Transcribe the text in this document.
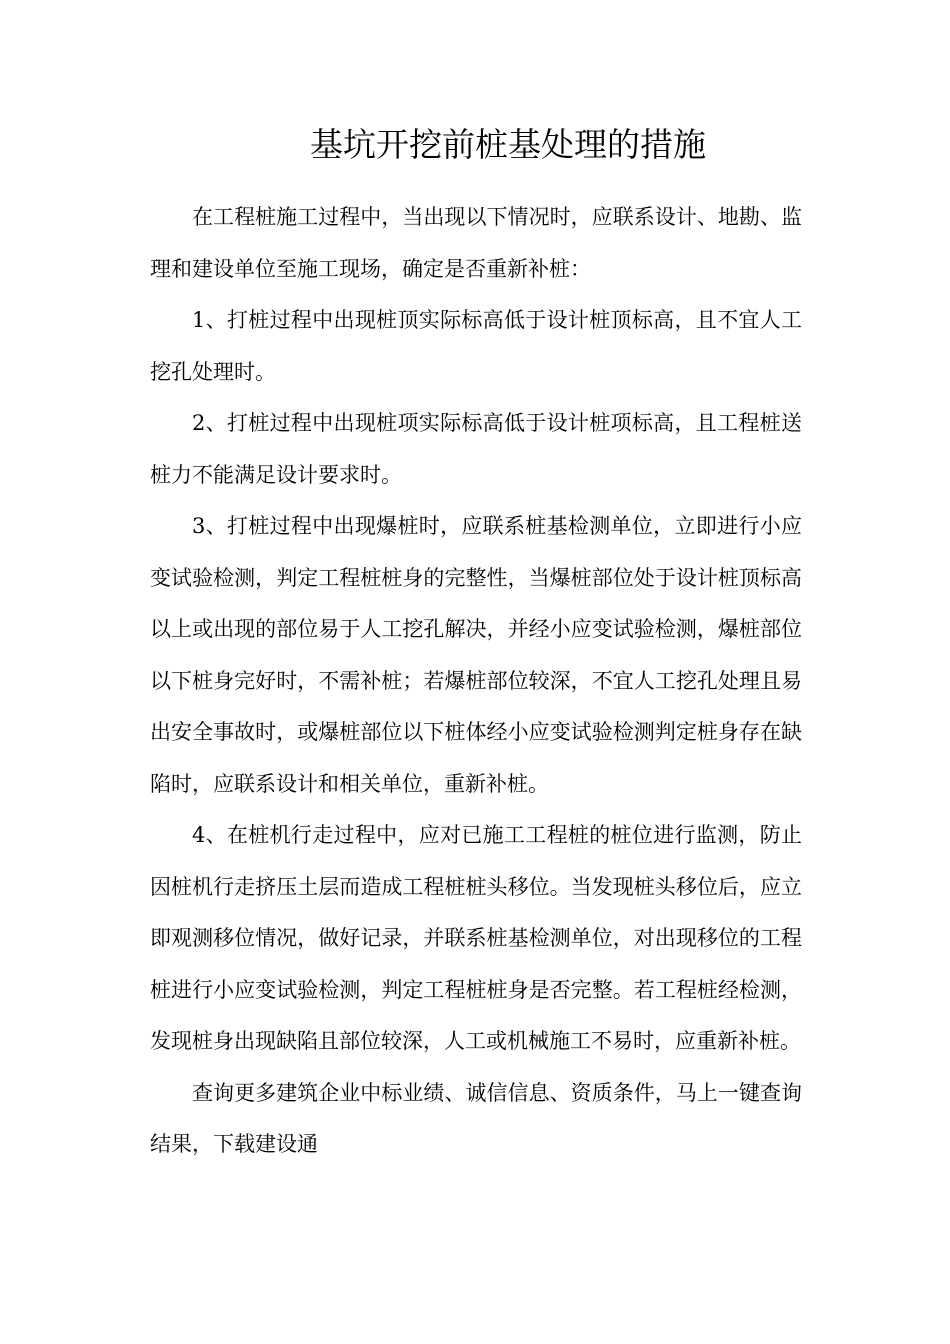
基坑开挖前桩基处理的措施

在工程桩施工过程中，当出现以下情况时，应联系设计、地勘、监理和建设单位至施工现场，确定是否重新补桩：

1、打桩过程中出现桩顶实际标高低于设计桩顶标高，且不宜人工挖孔处理时。

2、打桩过程中出现桩项实际标高低于设计桩项标高，且工程桩送桩力不能满足设计要求时。

3、打桩过程中出现爆桩时，应联系桩基检测单位，立即进行小应变试验检测，判定工程桩桩身的完整性，当爆桩部位处于设计桩顶标高以上或出现的部位易于人工挖孔解决，并经小应变试验检测，爆桩部位以下桩身完好时，不需补桩；若爆桩部位较深，不宜人工挖孔处理且易出安全事故时，或爆桩部位以下桩体经小应变试验检测判定桩身存在缺陷时，应联系设计和相关单位，重新补桩。

4、在桩机行走过程中，应对已施工工程桩的桩位进行监测，防止因桩机行走挤压土层而造成工程桩桩头移位。当发现桩头移位后，应立即观测移位情况，做好记录，并联系桩基检测单位，对出现移位的工程桩进行小应变试验检测，判定工程桩桩身是否完整。若工程桩经检测，发现桩身出现缺陷且部位较深，人工或机械施工不易时，应重新补桩。

查询更多建筑企业中标业绩、诚信信息、资质条件，马上一键查询结果，下载建设通
